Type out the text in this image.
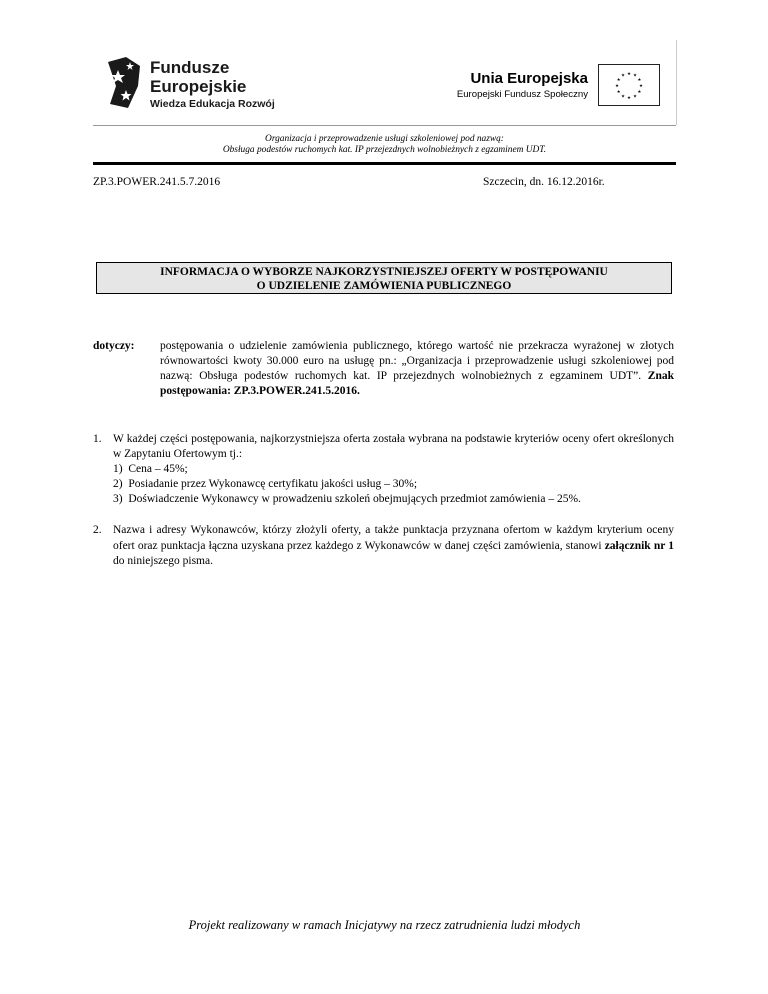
Fundusze
Europejskie
Wiedza Edukacja Rozwój
Unia Europejska
Europejski Fundusz Społeczny
★ ★
★
★
★
★
★
★
★
★
★
★
Organizacja i przeprowadzenie usługi szkoleniowej pod nazwą:
Obsługa podestów ruchomych kat. IP przejezdnych wolnobieżnych z egzaminem UDT.
ZP.3.POWER.241.5.7.2016	Szczecin, dn. 16.12.2016r.
INFORMACJA O WYBORZE NAJKORZYSTNIEJSZEJ OFERTY W POSTĘPOWANIU
O UDZIELENIE ZAMÓWIENIA PUBLICZNEGO
dotyczy: postępowania o udzielenie zamówienia publicznego, którego wartość nie przekracza wyrażonej w złotych równowartości kwoty 30.000 euro na usługę pn.: „Organizacja i przeprowadzenie usługi szkoleniowej pod nazwą: Obsługa podestów ruchomych kat. IP przejezdnych wolnobieżnych z egzaminem UDT”. Znak postępowania: ZP.3.POWER.241.5.2016.
1. W każdej części postępowania, najkorzystniejsza oferta została wybrana na podstawie kryteriów oceny ofert określonych w Zapytaniu Ofertowym tj.:
1) Cena – 45%;
2) Posiadanie przez Wykonawcę certyfikatu jakości usług – 30%;
3) Doświadczenie Wykonawcy w prowadzeniu szkoleń obejmujących przedmiot zamówienia – 25%.
2. Nazwa i adresy Wykonawców, którzy złożyli oferty, a także punktacja przyznana ofertom w każdym kryterium oceny ofert oraz punktacja łączna uzyskana przez każdego z Wykonawców w danej części zamówienia, stanowi załącznik nr 1 do niniejszego pisma.
Projekt realizowany w ramach Inicjatywy na rzecz zatrudnienia ludzi młodych
